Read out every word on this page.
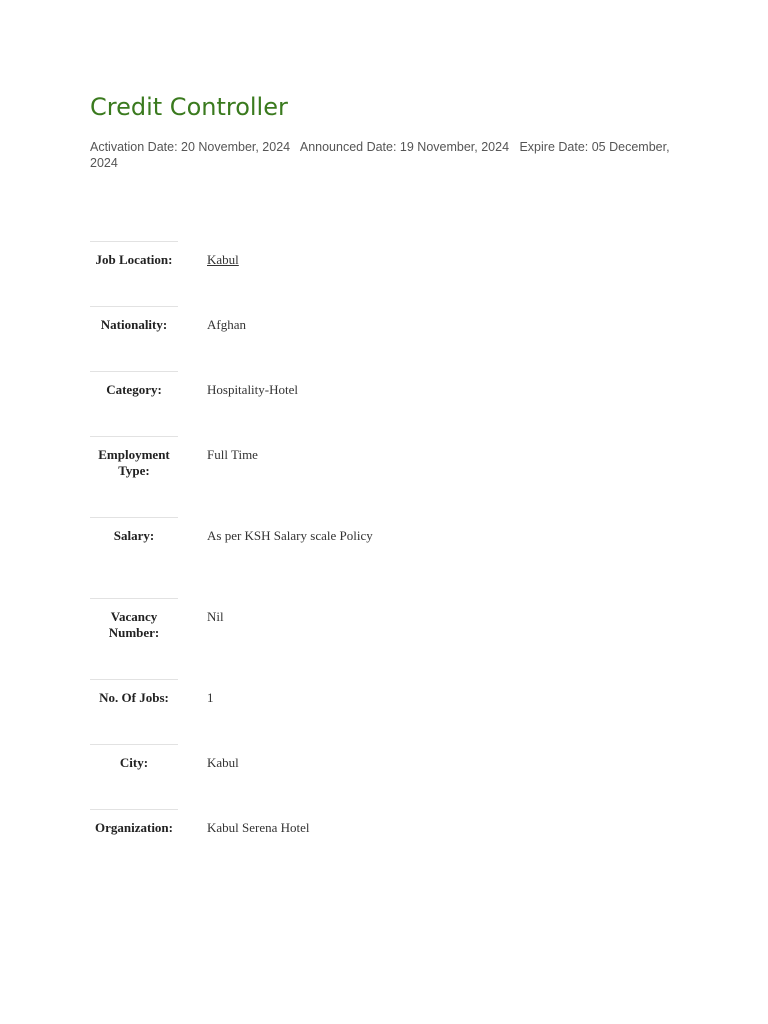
Credit Controller
Activation Date: 20 November, 2024 Announced Date: 19 November, 2024 Expire Date: 05 December, 2024
Job Location:	Kabul
Nationality:	Afghan
Category:	Hospitality-Hotel
Employment Type:	Full Time
Salary:	As per KSH Salary scale Policy
Vacancy Number:	Nil
No. Of Jobs:	1
City:	Kabul
Organization:	Kabul Serena Hotel
